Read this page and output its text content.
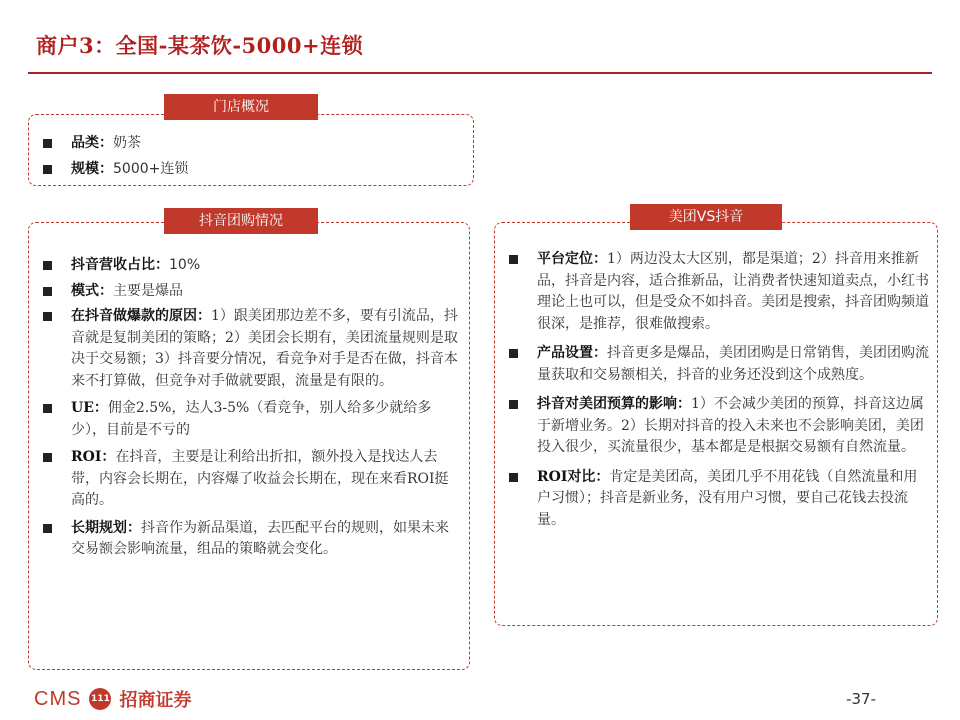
商户3：全国-某茶饮-5000+连锁
品类：奶茶
规模：5000+连锁
门店概况
抖音营收占比：10%
模式：主要是爆品
在抖音做爆款的原因：1）跟美团那边差不多，要有引流品，抖音就是复制美团的策略；2）美团会长期有，美团流量规则是取决于交易额；3）抖音要分情况，看竞争对手是否在做，抖音本来不打算做，但竞争对手做就要跟，流量是有限的。
UE：佣金2.5%，达人3-5%（看竞争，别人给多少就给多少），目前是不亏的
ROI：在抖音，主要是让利给出折扣，额外投入是找达人去带，内容会长期在，内容爆了收益会长期在，现在来看ROI挺高的。
长期规划：抖音作为新品渠道，去匹配平台的规则，如果未来交易额会影响流量，组品的策略就会变化。
抖音团购情况
平台定位：1）两边没太大区别，都是渠道；2）抖音用来推新品，抖音是内容，适合推新品，让消费者快速知道卖点，小红书理论上也可以，但是受众不如抖音。美团是搜索，抖音团购频道很深，是推荐，很难做搜索。
产品设置：抖音更多是爆品，美团团购是日常销售，美团团购流量获取和交易额相关，抖音的业务还没到这个成熟度。
抖音对美团预算的影响：1）不会减少美团的预算，抖音这边属于新增业务。2）长期对抖音的投入未来也不会影响美团，美团投入很少，买流量很少，基本都是是根据交易额有自然流量。
ROI对比：肯定是美团高，美团几乎不用花钱（自然流量和用户习惯）；抖音是新业务，没有用户习惯，要自己花钱去投流量。
美团VS抖音
CMS 111 招商证券	-37-
